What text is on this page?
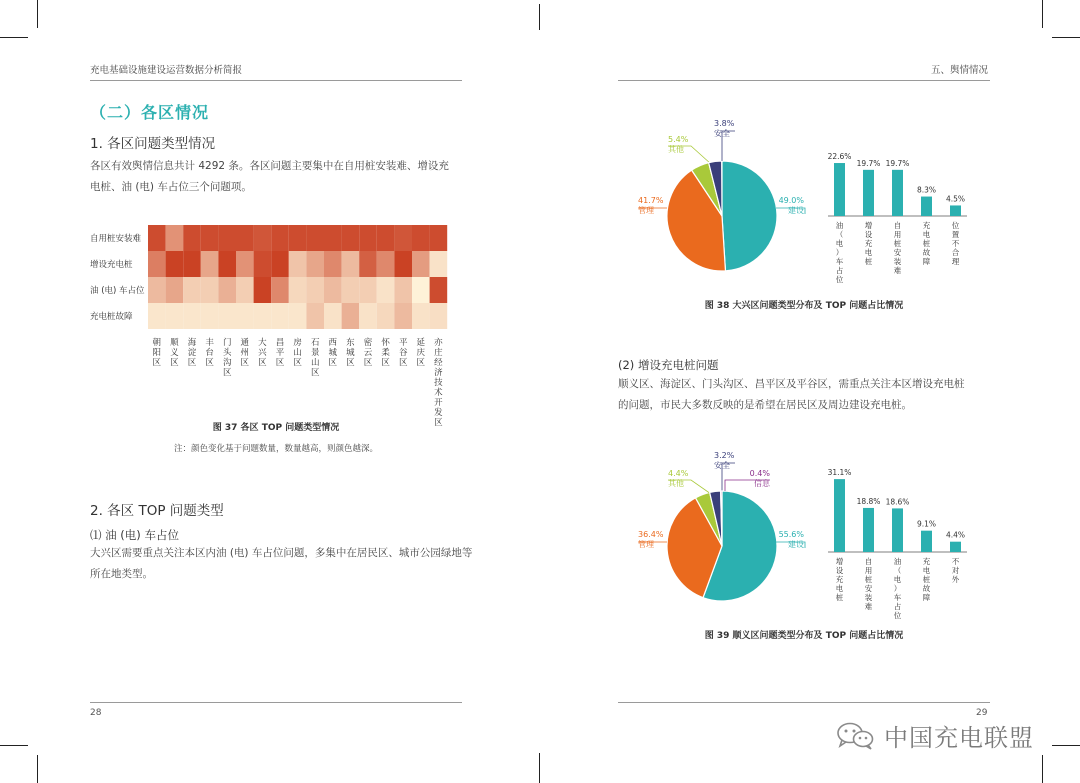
充电基础设施建设运营数据分析简报
（二）各区情况
1. 各区问题类型情况
各区有效舆情信息共计 4292 条。各区问题主要集中在自用桩安装难、增设充
电桩、油 (电) 车占位三个问题项。
自用桩安装难
增设充电桩
油 (电) 车占位
充电桩故障
朝阳区
顺义区
海淀区
丰台区
门头沟区
通州区
大兴区
昌平区
房山区
石景山区
西城区
东城区
密云区
怀柔区
平谷区
延庆区
亦庄经济技术开发区
图 37 各区 TOP 问题类型情况
注：颜色变化基于问题数量，数量越高，则颜色越深。
2. 各区 TOP 问题类型
⑴ 油 (电) 车占位
大兴区需要重点关注本区内油 (电) 车占位问题，多集中在居民区、城市公园绿地等
所在地类型。
28
五、舆情情况
49.0%
建设
41.7%
管理
5.4%
其他
3.8%
安全
22.6%
油（电）车占位
19.7%
增设充电桩
19.7%
自用桩安装难
8.3%
充电桩故障
4.5%
位置不合理
图 38 大兴区问题类型分布及 TOP 问题占比情况
(2) 增设充电桩问题
顺义区、海淀区、门头沟区、昌平区及平谷区，需重点关注本区增设充电桩
的问题，市民大多数反映的是希望在居民区及周边建设充电桩。
55.6%
建设
36.4%
管理
4.4%
其他
3.2%
安全
0.4%
信息
31.1%
增设充电桩
18.8%
自用桩安装难
18.6%
油（电）车占位
9.1%
充电桩故障
4.4%
不对外
图 39 顺义区问题类型分布及 TOP 问题占比情况
29
中国充电联盟
